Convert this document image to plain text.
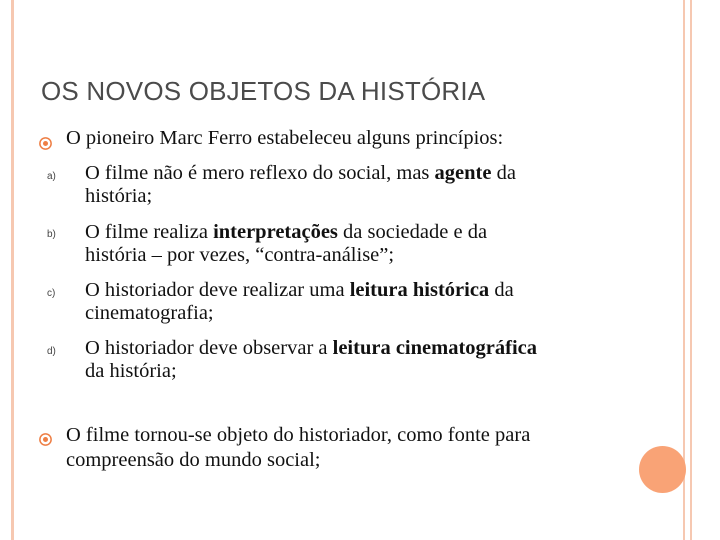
OS NOVOS OBJETOS DA HISTÓRIA

O pioneiro Marc Ferro estabeleceu alguns princípios:

a) O filme não é mero reflexo do social, mas agente da

história;

b) O filme realiza interpretações da sociedade e da

história – por vezes, “contra-análise”;

c) O historiador deve realizar uma leitura histórica da

cinematografia;

d) O historiador deve observar a leitura cinematográfica

da história;

O filme tornou-se objeto do historiador, como fonte para

compreensão do mundo social;
